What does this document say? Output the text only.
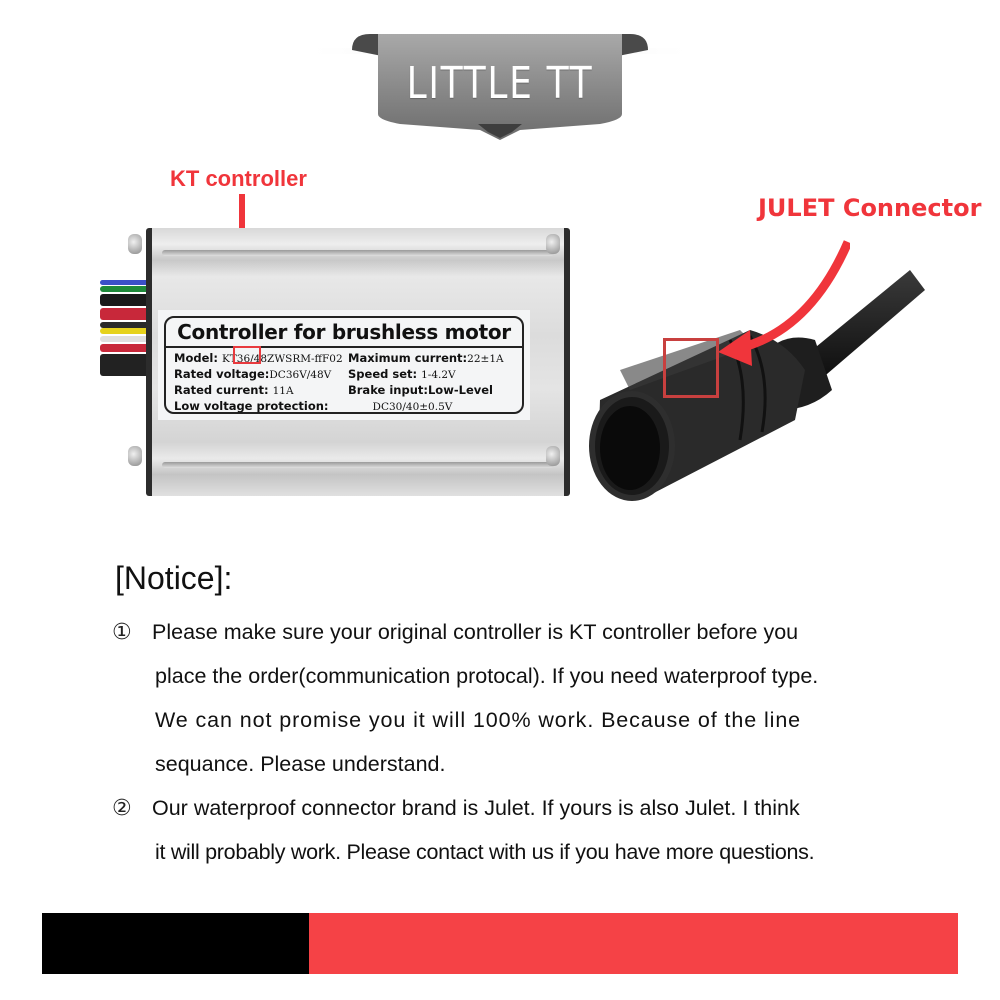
LITTLE TT
KT controller
Controller for brushless motor
Model: KT36/48ZWSRM-ffF02 Maximum current:22±1A
Rated voltage:DC36V/48V Speed set: 1-4.2V
Rated current: 11A	Brake input:Low-Level
Low voltage protection:	DC30/40±0.5V
JULET Connector
[Notice]:
① Please make sure your original controller is KT controller before you
place the order(communication protocal). If you need waterproof type.
We can not promise you it will 100% work. Because of the line
sequance. Please understand.
② Our waterproof connector brand is Julet. If yours is also Julet. I think
it will probably work. Please contact with us if you have more questions.
